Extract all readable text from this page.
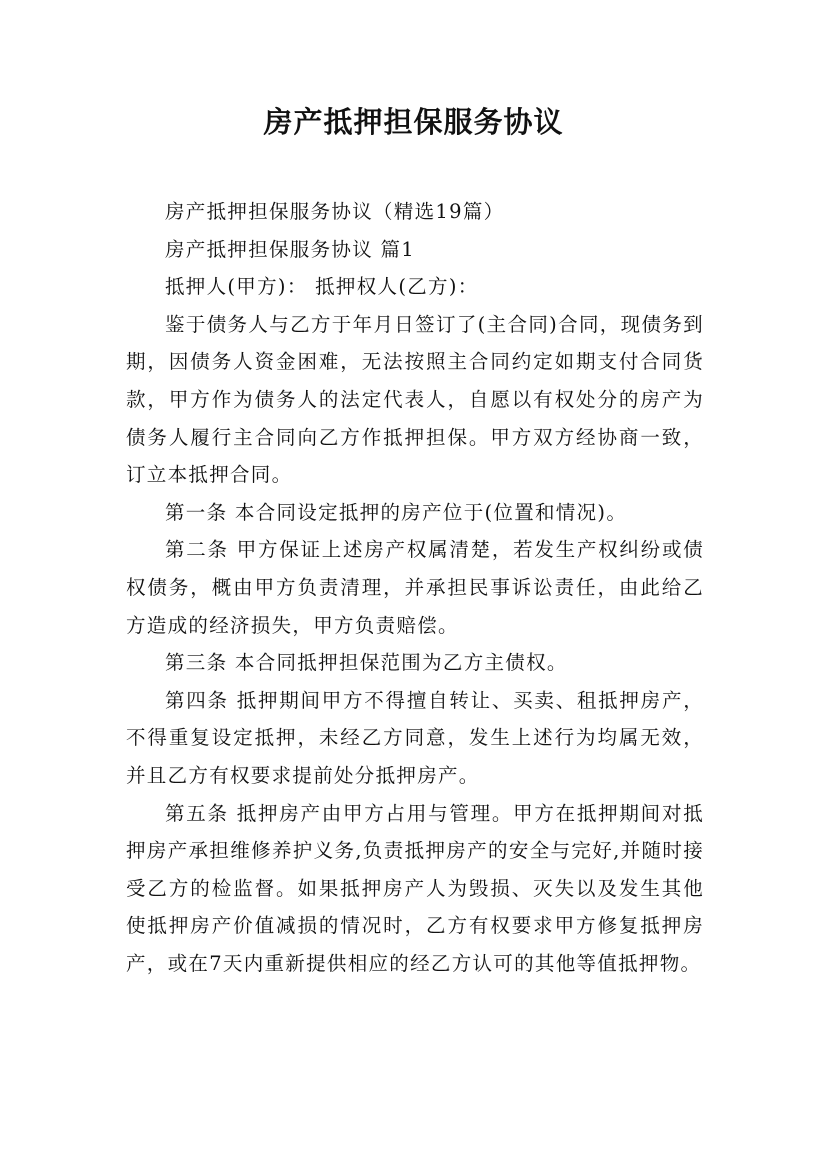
房产抵押担保服务协议

房产抵押担保服务协议（精选19篇）

房产抵押担保服务协议 篇1

抵押人(甲方)： 抵押权人(乙方)：

鉴于债务人与乙方于年月日签订了(主合同)合同，现债务到期，因债务人资金困难，无法按照主合同约定如期支付合同货款，甲方作为债务人的法定代表人，自愿以有权处分的房产为债务人履行主合同向乙方作抵押担保。甲方双方经协商一致，订立本抵押合同。

第一条 本合同设定抵押的房产位于(位置和情况)。

第二条 甲方保证上述房产权属清楚，若发生产权纠纷或债权债务，概由甲方负责清理，并承担民事诉讼责任，由此给乙方造成的经济损失，甲方负责赔偿。

第三条 本合同抵押担保范围为乙方主债权。

第四条 抵押期间甲方不得擅自转让、买卖、租抵押房产，不得重复设定抵押，未经乙方同意，发生上述行为均属无效，并且乙方有权要求提前处分抵押房产。

第五条 抵押房产由甲方占用与管理。甲方在抵押期间对抵押房产承担维修养护义务,负责抵押房产的安全与完好,并随时接受乙方的检监督。如果抵押房产人为毁损、灭失以及发生其他使抵押房产价值减损的情况时，乙方有权要求甲方修复抵押房产，或在7天内重新提供相应的经乙方认可的其他等值抵押物。
